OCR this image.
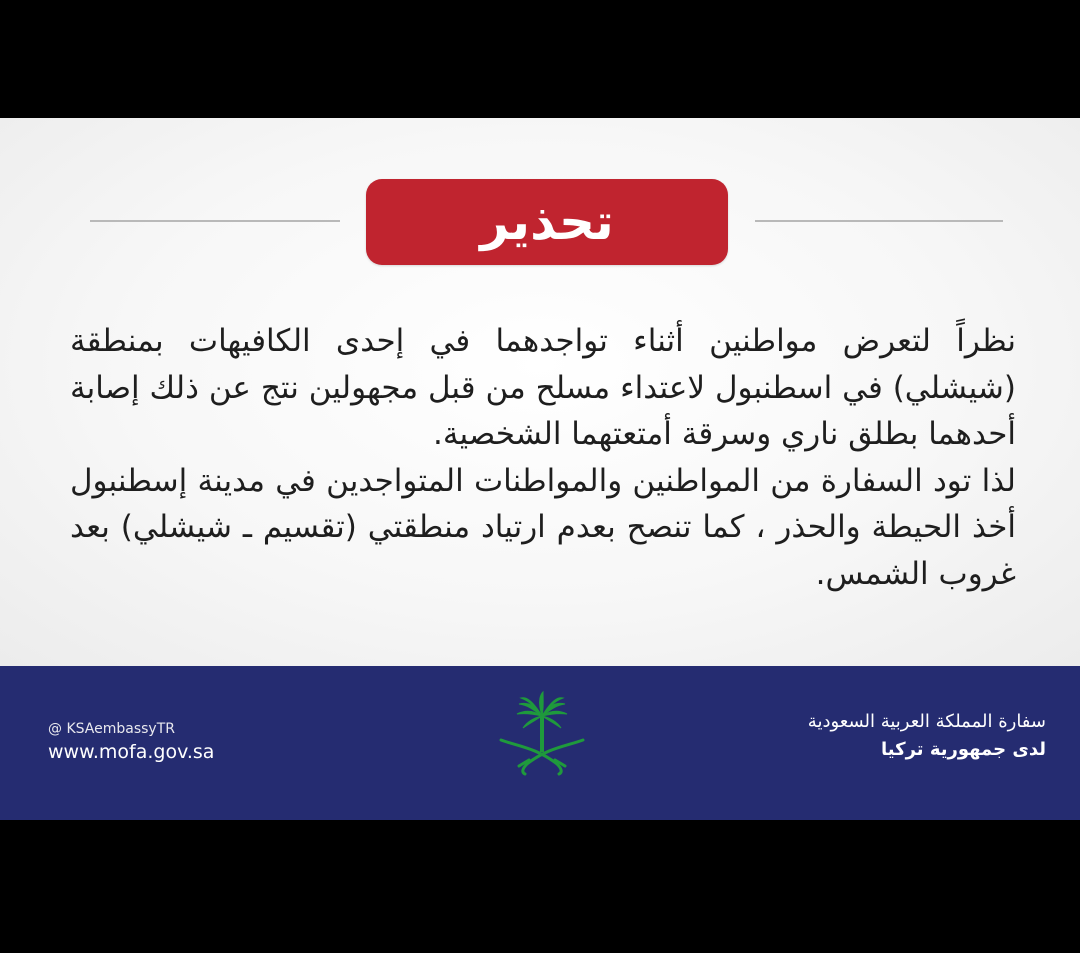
تحذير

نظراً لتعرض مواطنين أثناء تواجدهما في إحدى الكافيهات بمنطقة (شيشلي) في اسطنبول لاعتداء مسلح من قبل مجهولين نتج عن ذلك إصابة أحدهما بطلق ناري وسرقة أمتعتهما الشخصية.

لذا تود السفارة من المواطنين والمواطنات المتواجدين في مدينة إسطنبول أخذ الحيطة والحذر ، كما تنصح بعدم ارتياد منطقتي (تقسيم ـ شيشلي) بعد غروب الشمس.

@ KSAembassyTR
www.mofa.gov.sa
سفارة المملكة العربية السعودية
لدى جمهورية تركيا
